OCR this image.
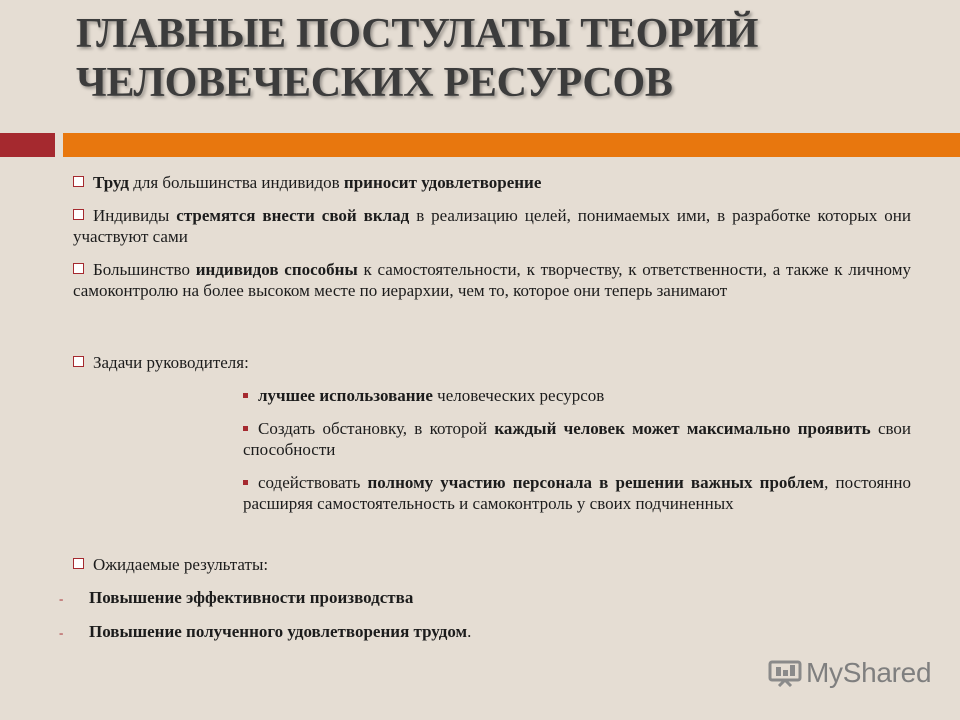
ГЛАВНЫЕ ПОСТУЛАТЫ ТЕОРИЙ
ЧЕЛОВЕЧЕСКИХ РЕСУРСОВ
Труд для большинства индивидов приносит удовлетворение
Индивиды стремятся внести свой вклад в реализацию целей, понимаемых ими, в разработке которых они участвуют сами
Большинство индивидов способны к самостоятельности, к творчеству, к ответственности, а также к личному самоконтролю на более высоком месте по иерархии, чем то, которое они теперь занимают
Задачи руководителя:
лучшее использование человеческих ресурсов
Создать обстановку, в которой каждый человек может максимально проявить свои способности
содействовать полному участию персонала в решении важных проблем, постоянно расширяя самостоятельность и самоконтроль у своих подчиненных
Ожидаемые результаты:
- Повышение эффективности производства
- Повышение полученного удовлетворения трудом.
MyShared
